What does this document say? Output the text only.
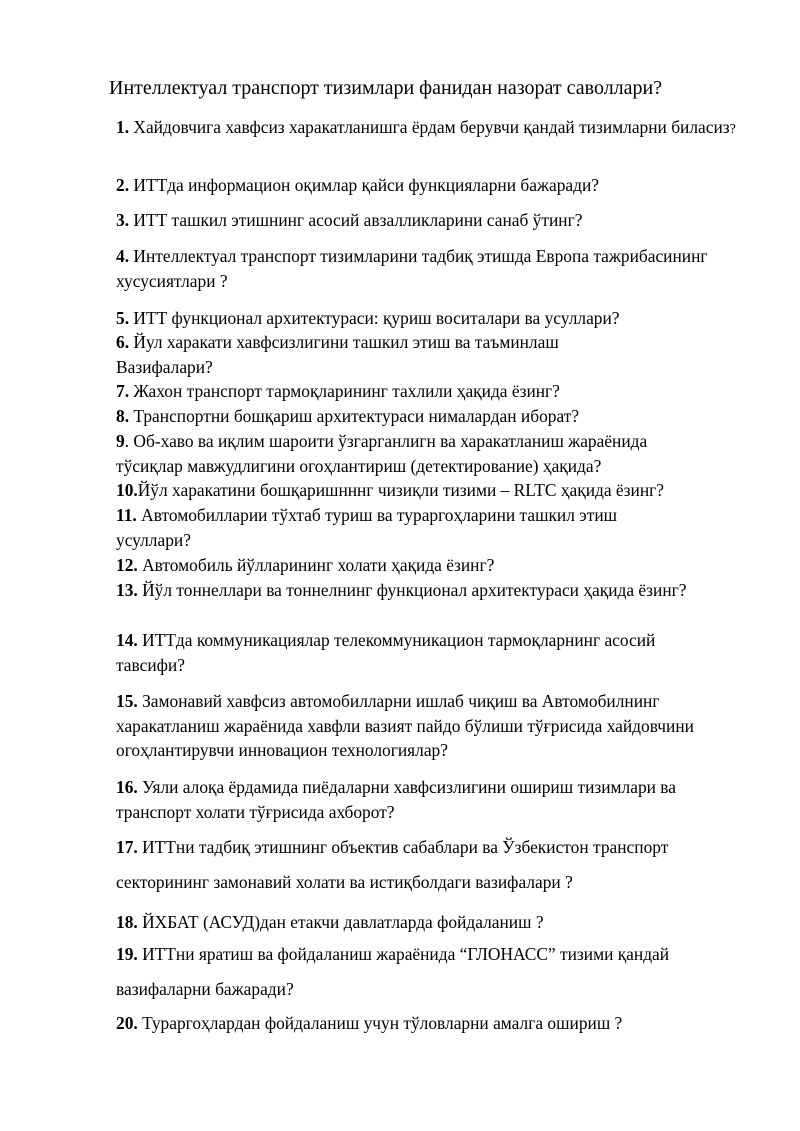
Интеллектуал транспорт тизимлари фанидан назорат саволлари?
1. Хайдовчига хавфсиз харакатланишга ёрдам берувчи қандай тизимларни билаcиз?
2. ИТТда информацион оқимлар қайси функцияларни бажаради?
3. ИТТ ташкил этишнинг асосий авзалликларини санаб ўтинг?
4. Интеллектуал транспорт тизимларини тадбиқ этишда Европа тажрибасининг хусусиятлари ?
5. ИТТ функционал архитектураси: қуриш воситалари ва усуллари?
6. Йул харакати хавфсизлигини ташкил этиш ва таъминлаш Вазифалари?
7. Жахон транспорт тармоқларининг тахлили ҳақида ёзинг?
8. Транспортни бошқариш архитектураси нималардан иборат?
9. Об-хаво ва иқлим шароити ўзгарганлигн ва харакатланиш жараёнида тўсиқлар мавжудлигини огоҳлантириш (детектирование) ҳақида?
10.Йўл харакатини бошқаришнннг чизиқли тизими – RLTC ҳақида ёзинг?
11. Автомобилларии тўхтаб туриш ва тураргоҳларини ташкил этиш усуллари?
12. Автомобиль йўлларининг холати ҳақида ёзинг?
13. Йўл тоннеллари ва тоннелнинг функционал архитектураси ҳақида ёзинг?
14. ИТТда коммуникациялар телекоммуникацион тармоқларнинг асосий тавсифи?
15. Замонавий хавфсиз автомобилларни ишлаб чиқиш ва Автомобилнинг харакатланиш жараёнида хавфли вазият пайдо бўлиши тўғрисида хайдовчини огоҳлантирувчи инновацион технологиялар?
16. Уяли алоқа ёрдамида пиёдаларни хавфсизлигини ошириш тизимлари ва транспорт холати тўғрисида ахборот?
17. ИТТни тадбиқ этишнинг объектив сабаблари ва Ўзбекистон транспорт секторининг замонавий холати ва истиқболдаги вазифалари ?
18. ЙХБАТ (АСУД)дан етакчи давлатларда фойдаланиш ?
19. ИТТни яратиш ва фойдаланиш жараёнида “ГЛОНАСС” тизими қандай вазифаларни бажаради?
20. Тураргоҳлардан фойдаланиш учун тўловларни амалга ошириш ?
